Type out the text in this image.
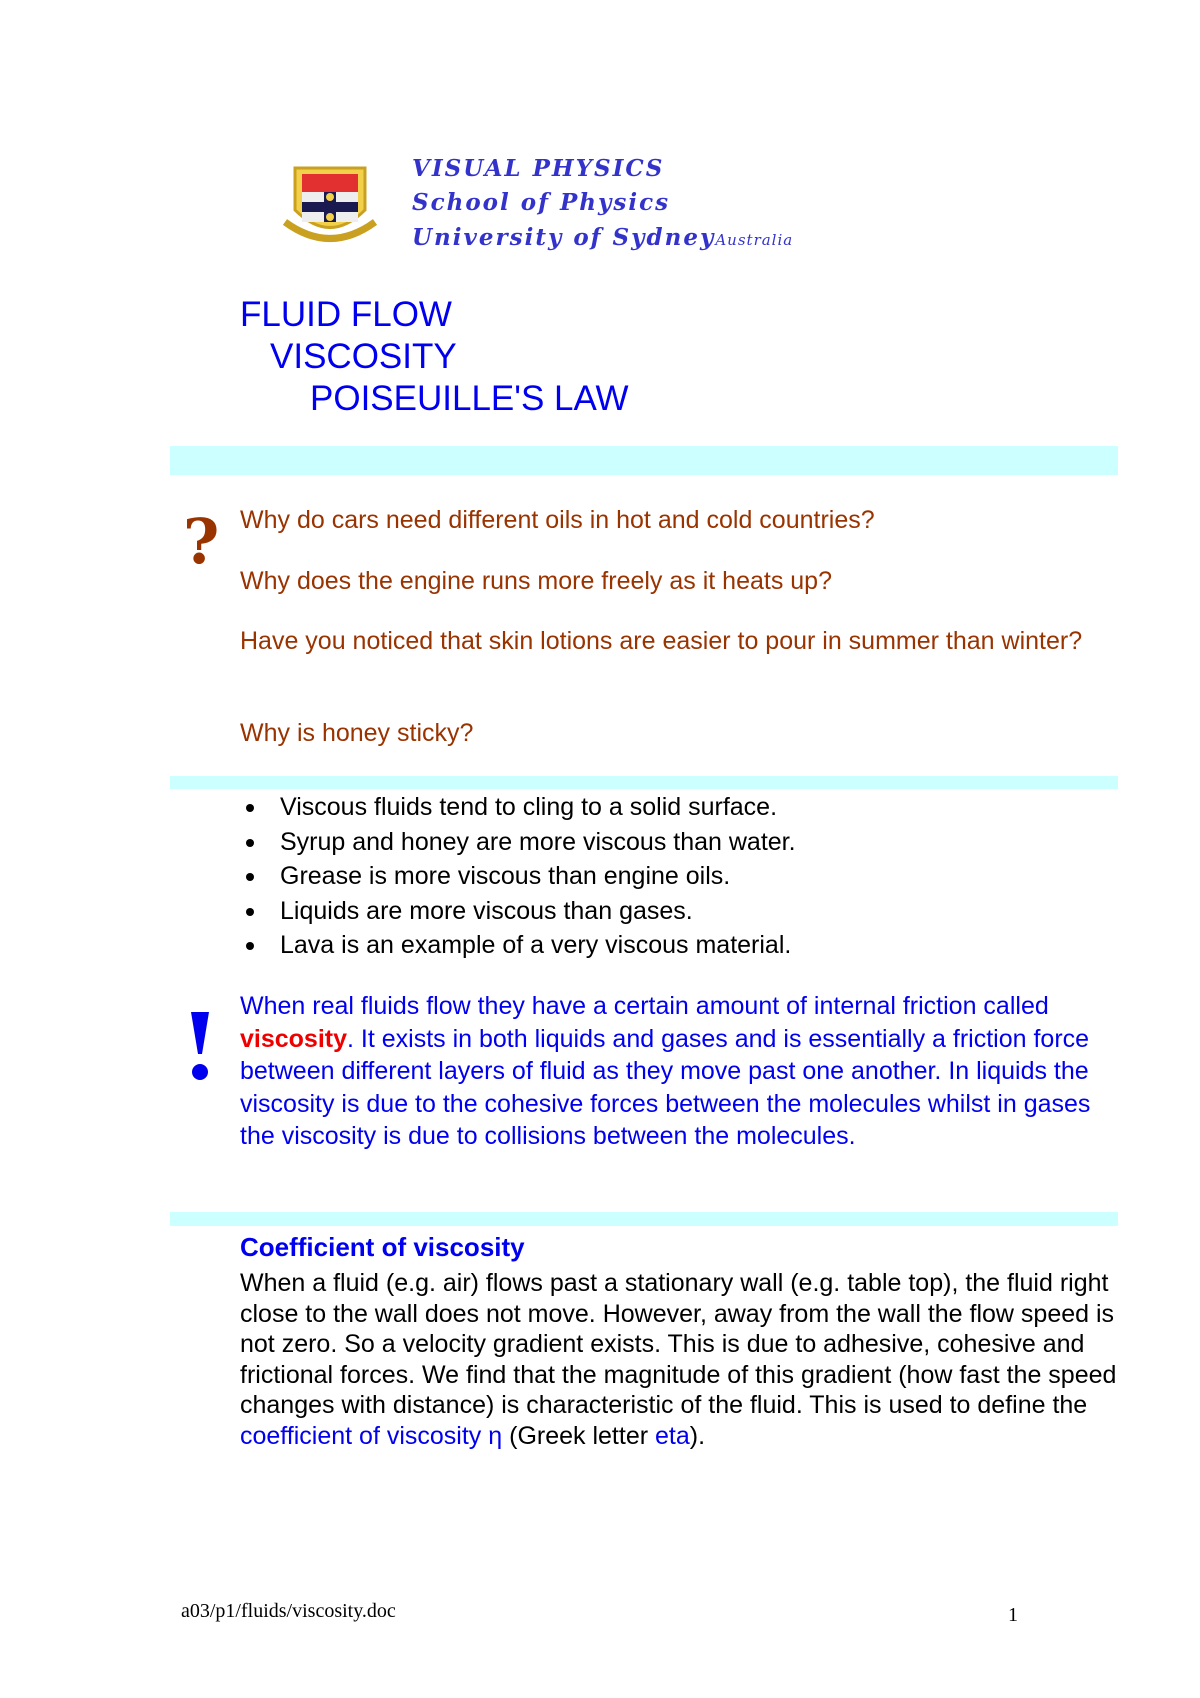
VISUAL PHYSICS
School of Physics
University of SydneyAustralia
FLUID FLOW
VISCOSITY
POISEUILLE'S LAW
? Why do cars need different oils in hot and cold countries?
Why does the engine runs more freely as it heats up?
Have you noticed that skin lotions are easier to pour in summer than winter?
Why is honey sticky?
Viscous fluids tend to cling to a solid surface.
Syrup and honey are more viscous than water.
Grease is more viscous than engine oils.
Liquids are more viscous than gases.
Lava is an example of a very viscous material.
When real fluids flow they have a certain amount of internal friction called viscosity. It exists in both liquids and gases and is essentially a friction force between different layers of fluid as they move past one another. In liquids the viscosity is due to the cohesive forces between the molecules whilst in gases the viscosity is due to collisions between the molecules.
Coefficient of viscosity
When a fluid (e.g. air) flows past a stationary wall (e.g. table top), the fluid right close to the wall does not move. However, away from the wall the flow speed is not zero. So a velocity gradient exists. This is due to adhesive, cohesive and frictional forces. We find that the magnitude of this gradient (how fast the speed changes with distance) is characteristic of the fluid. This is used to define the coefficient of viscosity η (Greek letter eta).
a03/p1/fluids/viscosity.doc	1
